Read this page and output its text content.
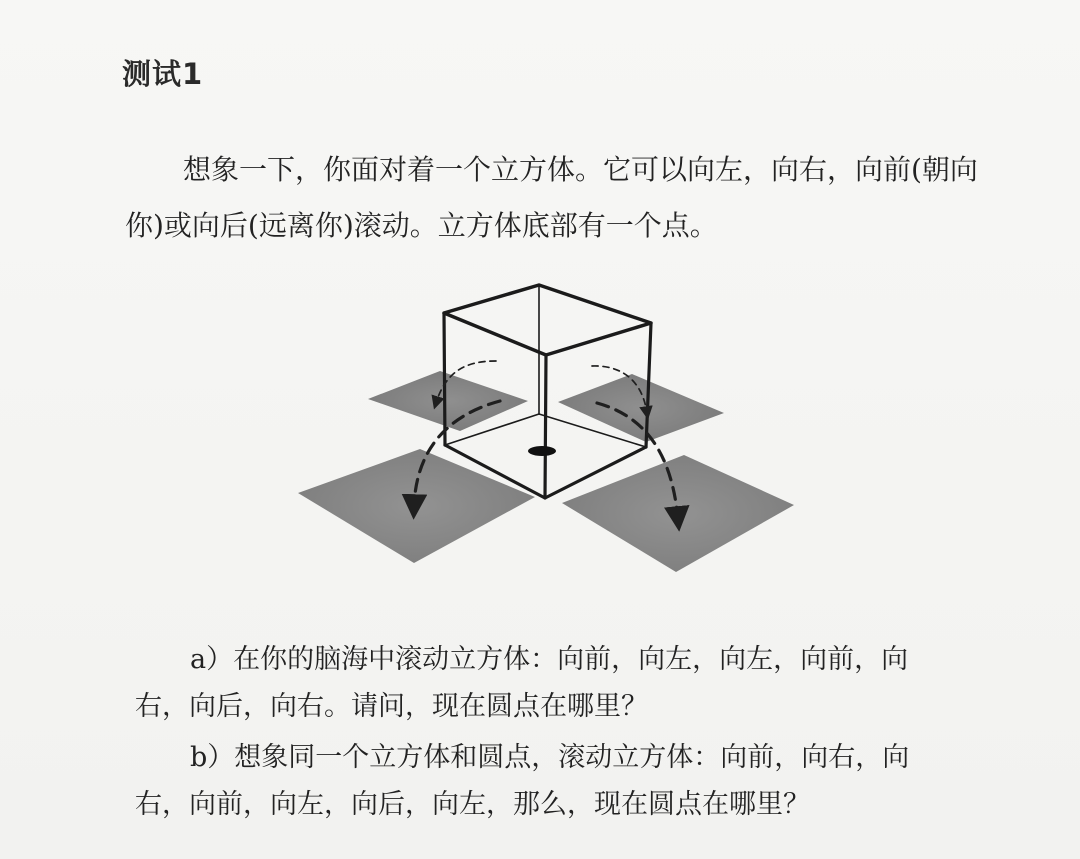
测试1
想象一下，你面对着一个立方体。它可以向左，向右，向前(朝向你)或向后(远离你)滚动。立方体底部有一个点。
a）在你的脑海中滚动立方体：向前，向左，向左，向前，向右，向后，向右。请问，现在圆点在哪里？
b）想象同一个立方体和圆点，滚动立方体：向前，向右，向右，向前，向左，向后，向左，那么，现在圆点在哪里？
